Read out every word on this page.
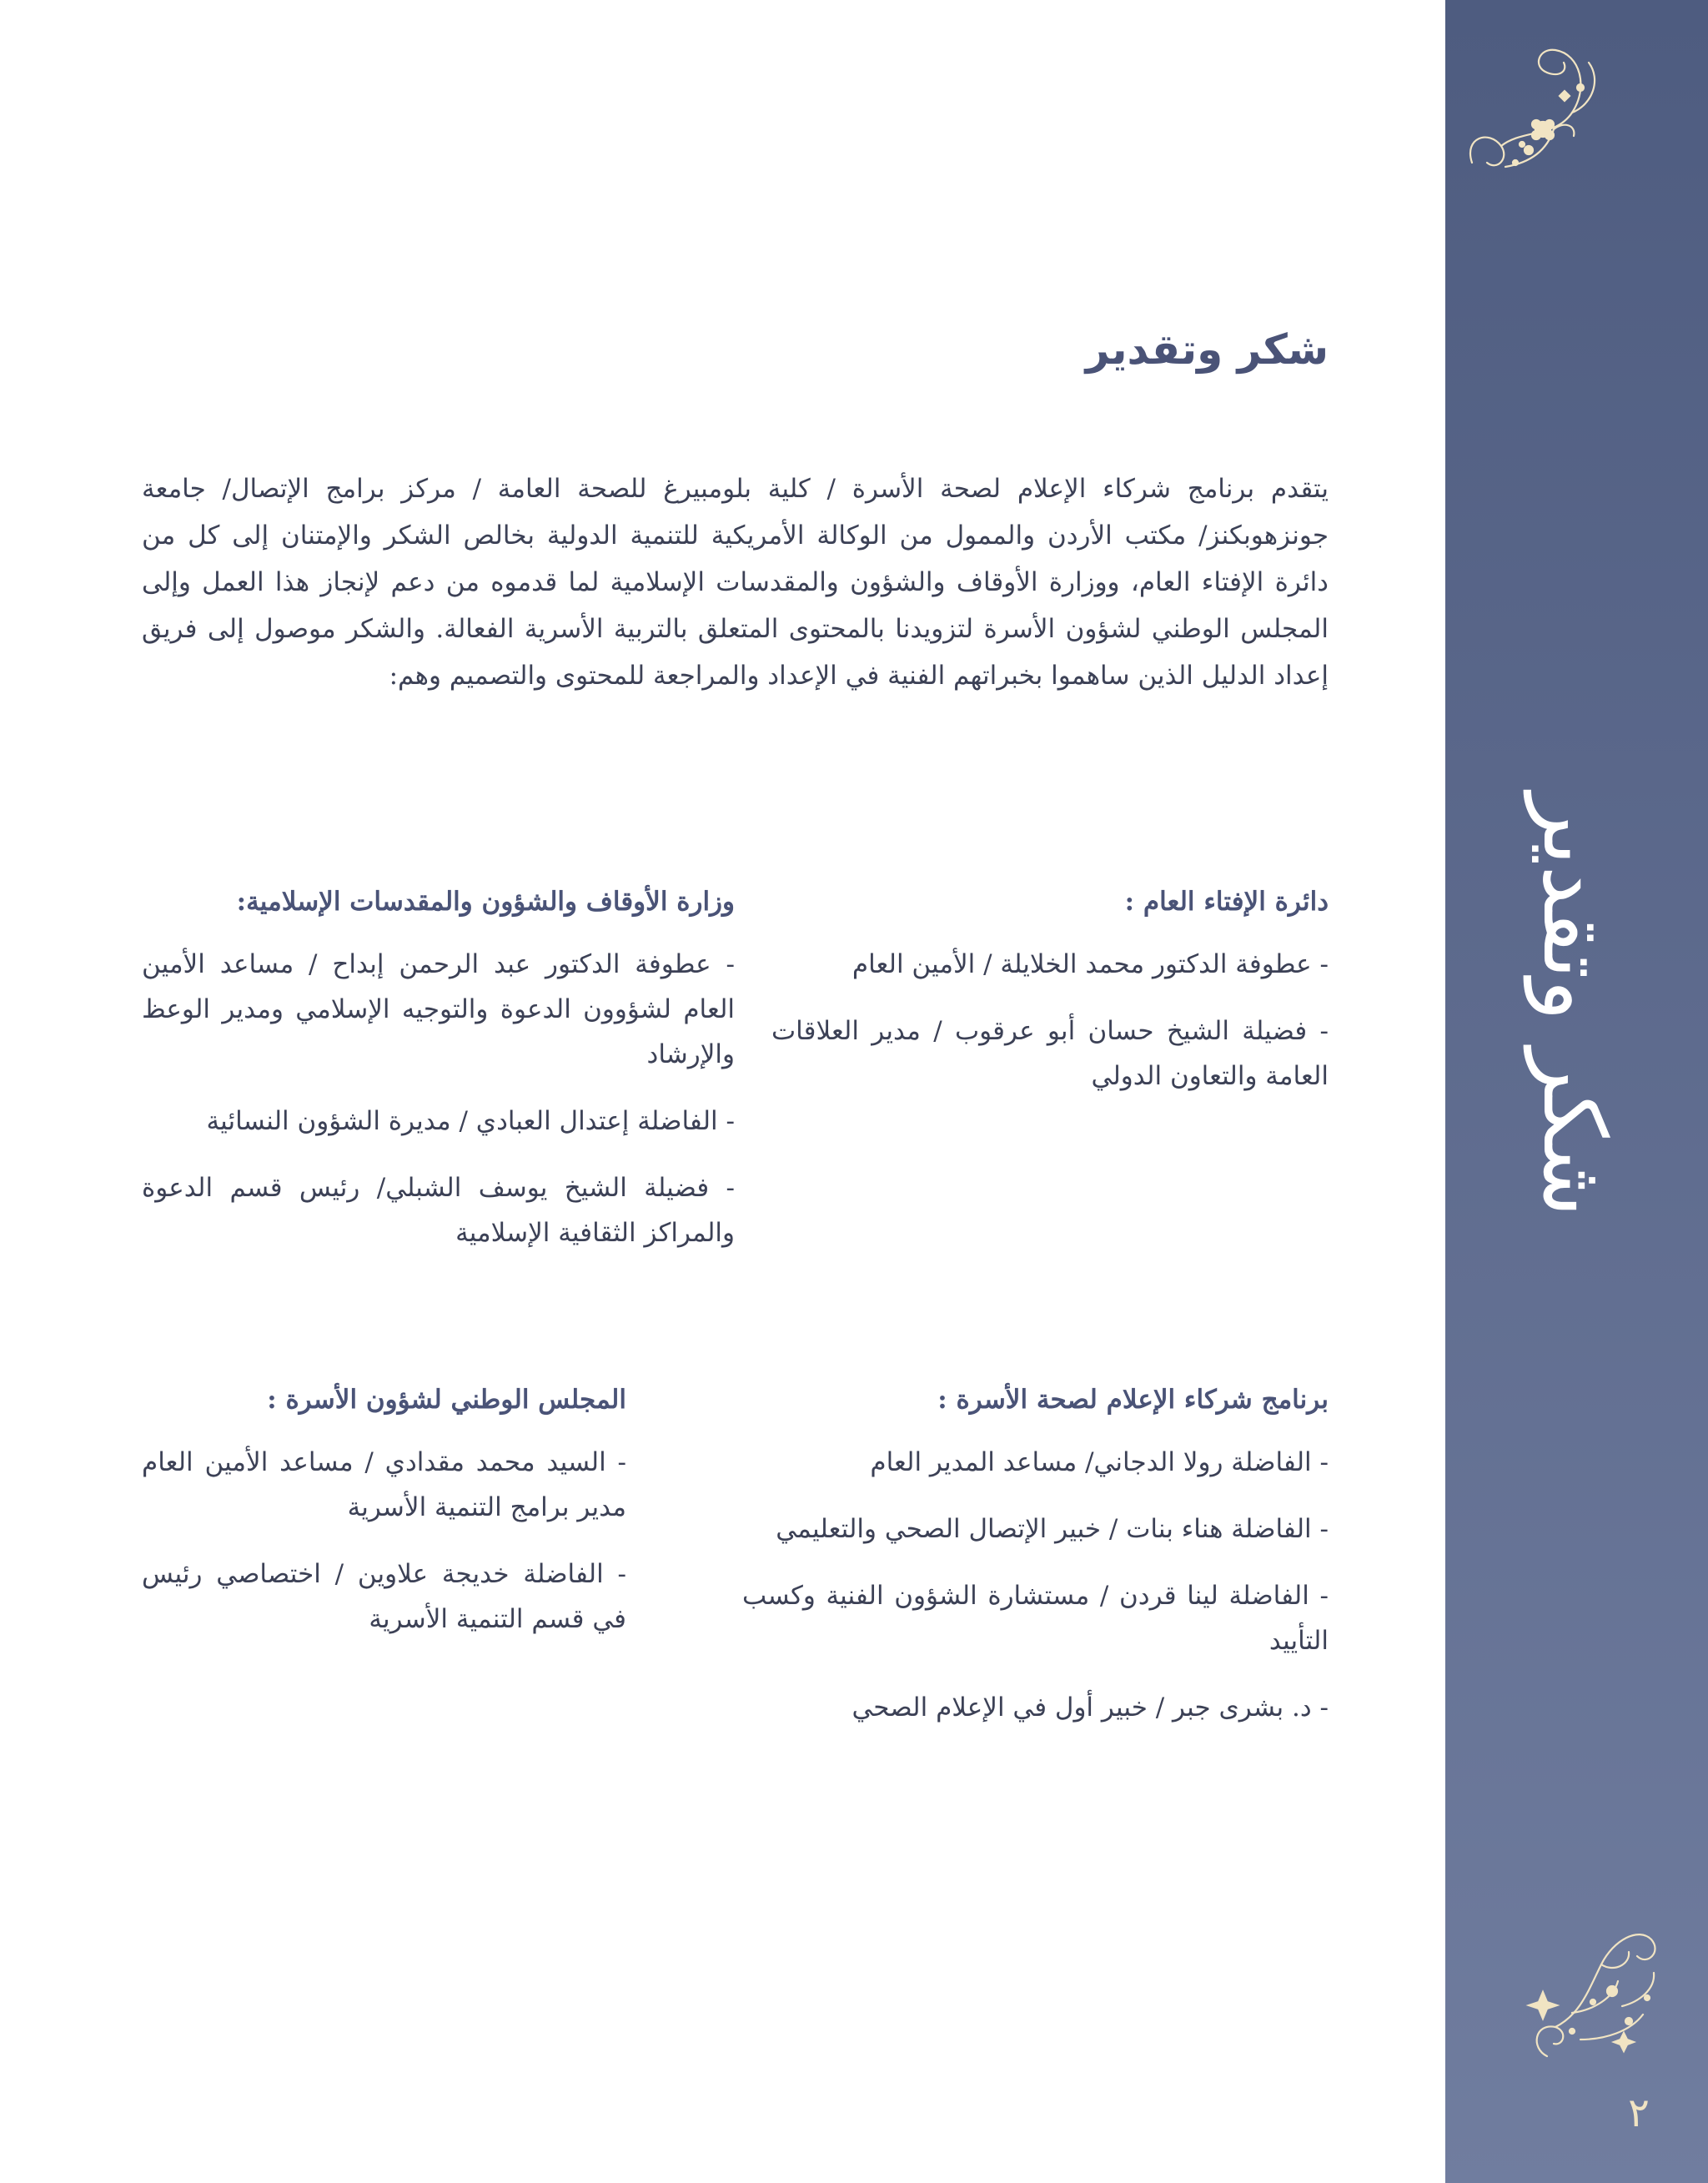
شكر وتقدير
٢
شكر وتقدير

يتقدم برنامج شركاء الإعلام لصحة الأسرة / كلية بلومبيرغ للصحة العامة / مركز برامج الإتصال/ جامعة جونزهوبكنز/ مكتب الأردن والممول من الوكالة الأمريكية للتنمية الدولية بخالص الشكر والإمتنان إلى كل من دائرة الإفتاء العام، ووزارة الأوقاف والشؤون والمقدسات الإسلامية لما قدموه من دعم لإنجاز هذا العمل وإلى المجلس الوطني لشؤون الأسرة لتزويدنا بالمحتوى المتعلق بالتربية الأسرية الفعالة. والشكر موصول إلى فريق إعداد الدليل الذين ساهموا بخبراتهم الفنية في الإعداد والمراجعة للمحتوى والتصميم وهم:

دائرة الإفتاء العام :

- عطوفة الدكتور محمد الخلايلة / الأمين العام

- فضيلة الشيخ حسان أبو عرقوب / مدير العلاقات العامة والتعاون الدولي

وزارة الأوقاف والشؤون والمقدسات الإسلامية:

- عطوفة الدكتور عبد الرحمن إبداح / مساعد الأمين العام لشؤوون الدعوة والتوجيه الإسلامي ومدير الوعظ والإرشاد

- الفاضلة إعتدال العبادي / مديرة الشؤون النسائية

- فضيلة الشيخ يوسف الشبلي/ رئيس قسم الدعوة والمراكز الثقافية الإسلامية

برنامج شركاء الإعلام لصحة الأسرة :

- الفاضلة رولا الدجاني/ مساعد المدير العام

- الفاضلة هناء بنات / خبير الإتصال الصحي والتعليمي

- الفاضلة لينا قردن / مستشارة الشؤون الفنية وكسب التأييد

- د. بشرى جبر / خبير أول في الإعلام الصحي

المجلس الوطني لشؤون الأسرة :

- السيد محمد مقدادي / مساعد الأمين العام مدير برامج التنمية الأسرية

- الفاضلة خديجة علاوين / اختصاصي رئيس في قسم التنمية الأسرية
